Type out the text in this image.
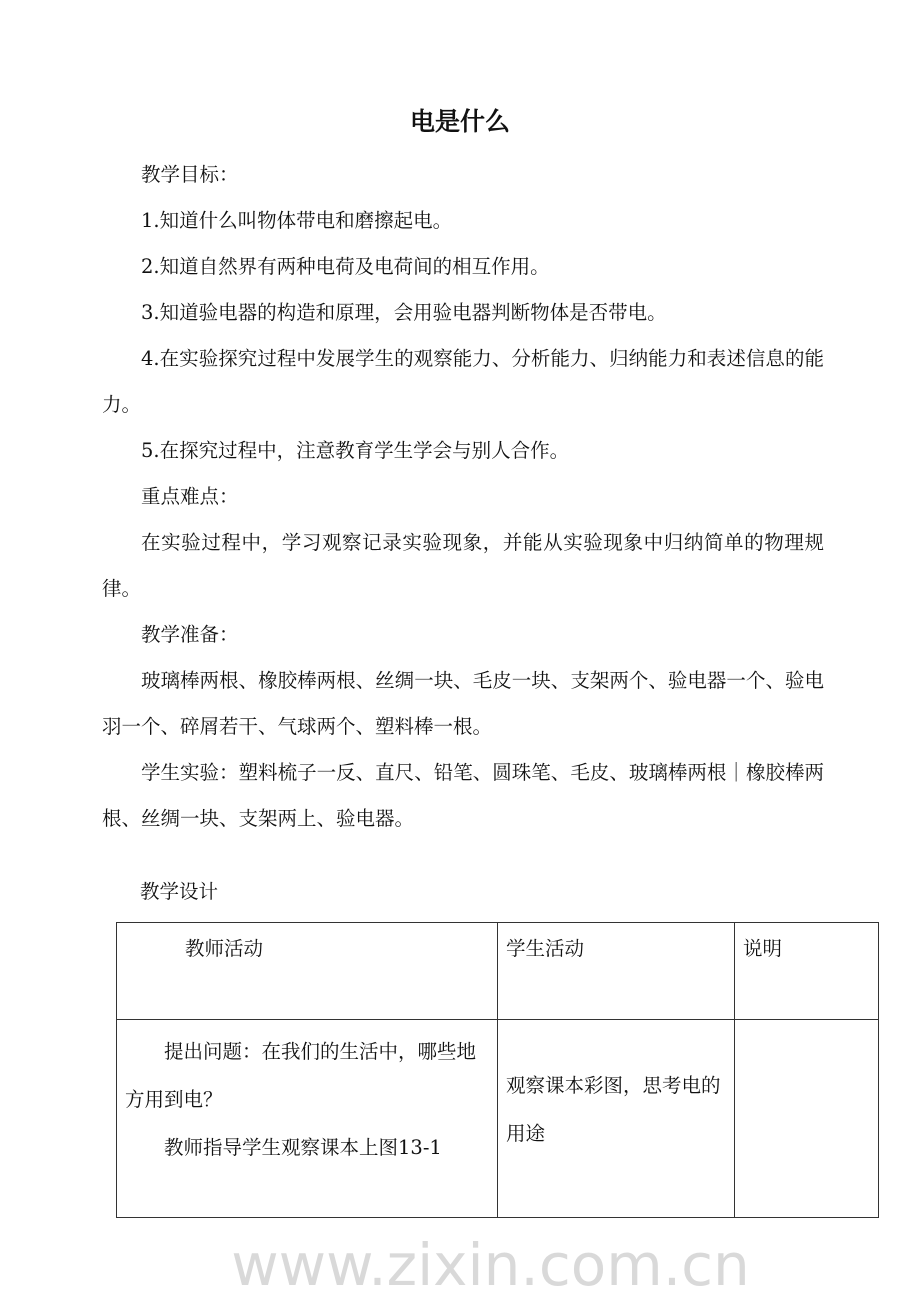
电是什么

教学目标：

1.知道什么叫物体带电和磨擦起电。

2.知道自然界有两种电荷及电荷间的相互作用。

3.知道验电器的构造和原理，会用验电器判断物体是否带电。

4.在实验探究过程中发展学生的观察能力、分析能力、归纳能力和表述信息的能力。

5.在探究过程中，注意教育学生学会与别人合作。

重点难点：

在实验过程中，学习观察记录实验现象，并能从实验现象中归纳简单的物理规律。

教学准备：

玻璃棒两根、橡胶棒两根、丝绸一块、毛皮一块、支架两个、验电器一个、验电羽一个、碎屑若干、气球两个、塑料棒一根。

学生实验：塑料梳子一反、直尺、铅笔、圆珠笔、毛皮、玻璃棒两根｜橡胶棒两根、丝绸一块、支架两上、验电器。

教学设计
教师活动	学生活动	说明

提出问题：在我们的生活中，哪些地方用到电？

教师指导学生观察课本上图13-1	观察课本彩图，思考电的用途	
www.zixin.com.cn
